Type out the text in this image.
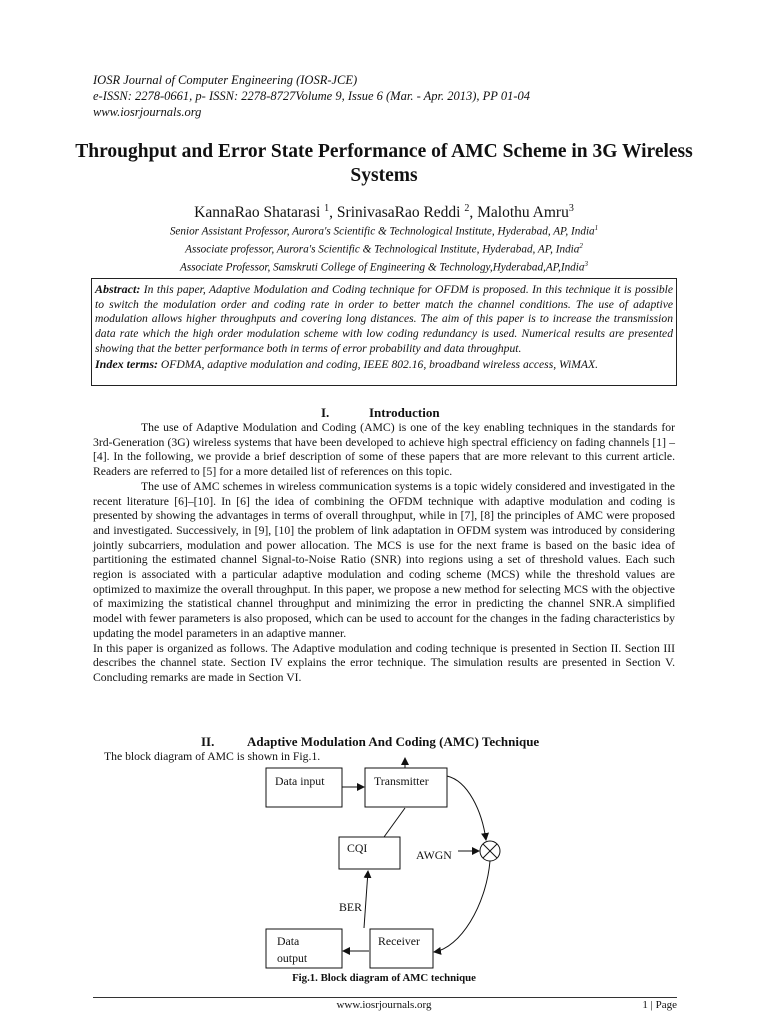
IOSR Journal of Computer Engineering (IOSR-JCE)
e-ISSN: 2278-0661, p- ISSN: 2278-8727Volume 9, Issue 6 (Mar. - Apr. 2013), PP 01-04
www.iosrjournals.org
Throughput and Error State Performance of AMC Scheme in 3G Wireless Systems
KannaRao Shatarasi $^1$, SrinivasaRao Reddi $^2$, Malothu Amru$^3$
Senior Assistant Professor, Aurora's Scientific & Technological Institute, Hyderabad, AP, India$^1$
Associate professor, Aurora's Scientific & Technological Institute, Hyderabad, AP, India$^2$
Associate Professor, Samskruti College of Engineering & Technology,Hyderabad,AP,India$^3$

Abstract: In this paper, Adaptive Modulation and Coding technique for OFDM is proposed. In this technique it is possible to switch the modulation order and coding rate in order to better match the channel conditions. The use of adaptive modulation allows higher throughputs and covering long distances. The aim of this paper is to increase the transmission data rate which the high order modulation scheme with low coding redundancy is used. Numerical results are presented showing that the better performance both in terms of error probability and data throughput.

Index terms: OFDMA, adaptive modulation and coding, IEEE 802.16, broadband wireless access, WiMAX.

I.	Introduction

The use of Adaptive Modulation and Coding (AMC) is one of the key enabling techniques in the standards for 3rd-Generation (3G) wireless systems that have been developed to achieve high spectral efficiency on fading channels [1] – [4]. In the following, we provide a brief description of some of these papers that are more relevant to this current article. Readers are referred to [5] for a more detailed list of references on this topic.

The use of AMC schemes in wireless communication systems is a topic widely considered and investigated in the recent literature [6]–[10]. In [6] the idea of combining the OFDM technique with adaptive modulation and coding is presented by showing the advantages in terms of overall throughput, while in [7], [8] the principles of AMC were proposed and investigated. Successively, in [9], [10] the problem of link adaptation in OFDM system was introduced by considering jointly subcarriers, modulation and power allocation. The MCS is use for the next frame is based on the basic idea of partitioning the estimated channel Signal-to-Noise Ratio (SNR) into regions using a set of threshold values. Each such region is associated with a particular adaptive modulation and coding scheme (MCS) while the threshold values are optimized to maximize the overall throughput. In this paper, we propose a new method for selecting MCS with the objective of maximizing the statistical channel throughput and minimizing the error in predicting the channel SNR.A simplified model with fewer parameters is also proposed, which can be used to account for the changes in the fading characteristics by updating the model parameters in an adaptive manner.

In this paper is organized as follows. The Adaptive modulation and coding technique is presented in Section II. Section III describes the channel state. Section IV explains the error technique. The simulation results are presented in Section V. Concluding remarks are made in Section VI.

II.	Adaptive Modulation And Coding (AMC) Technique
The block diagram of AMC is shown in Fig.1.
Data input	Transmitter
CQI	AWGN
BER
Data
output
Receiver
Fig.1. Block diagram of AMC technique
www.iosrjournals.org	1 | Page
